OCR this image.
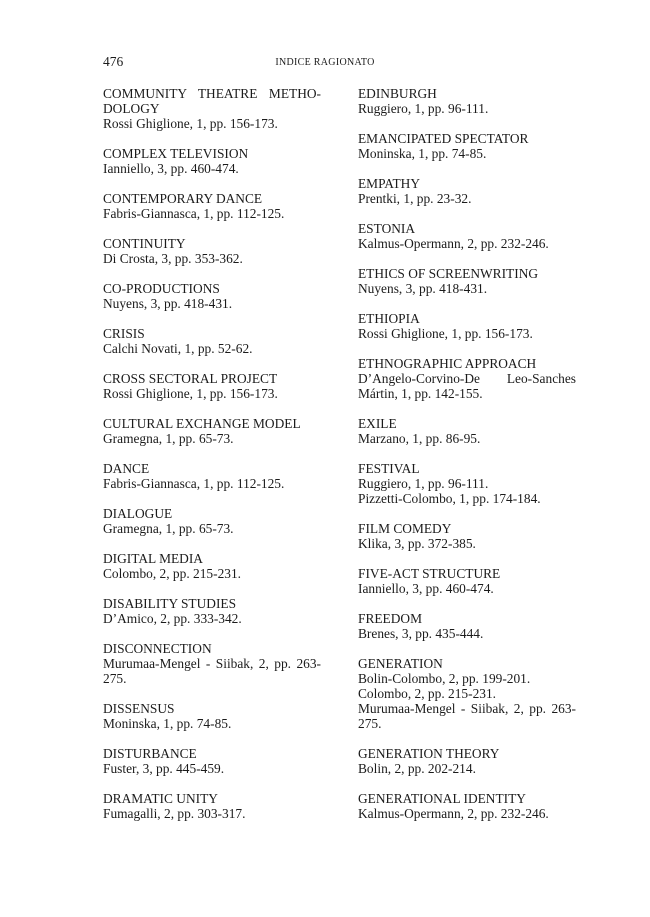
476	INDICE RAGIONATO
COMMUNITY THEATRE METHO-
DOLOGY
Rossi Ghiglione, 1, pp. 156-173.
COMPLEX TELEVISION
Ianniello, 3, pp. 460-474.
CONTEMPORARY DANCE
Fabris-Giannasca, 1, pp. 112-125.
CONTINUITY
Di Crosta, 3, pp. 353-362.
CO-PRODUCTIONS
Nuyens, 3, pp. 418-431.
CRISIS
Calchi Novati, 1, pp. 52-62.
CROSS SECTORAL PROJECT
Rossi Ghiglione, 1, pp. 156-173.
CULTURAL EXCHANGE MODEL
Gramegna, 1, pp. 65-73.
DANCE
Fabris-Giannasca, 1, pp. 112-125.
DIALOGUE
Gramegna, 1, pp. 65-73.
DIGITAL MEDIA
Colombo, 2, pp. 215-231.
DISABILITY STUDIES
D’Amico, 2, pp. 333-342.
DISCONNECTION
Murumaa-Mengel - Siibak, 2, pp. 263-
275.
DISSENSUS
Moninska, 1, pp. 74-85.
DISTURBANCE
Fuster, 3, pp. 445-459.
DRAMATIC UNITY
Fumagalli, 2, pp. 303-317.
EDINBURGH
Ruggiero, 1, pp. 96-111.
EMANCIPATED SPECTATOR
Moninska, 1, pp. 74-85.
EMPATHY
Prentki, 1, pp. 23-32.
ESTONIA
Kalmus-Opermann, 2, pp. 232-246.
ETHICS OF SCREENWRITING
Nuyens, 3, pp. 418-431.
ETHIOPIA
Rossi Ghiglione, 1, pp. 156-173.
ETHNOGRAPHIC APPROACH
D’Angelo-Corvino-De Leo-Sanches
Mártin, 1, pp. 142-155.
EXILE
Marzano, 1, pp. 86-95.
FESTIVAL
Ruggiero, 1, pp. 96-111.
Pizzetti-Colombo, 1, pp. 174-184.
FILM COMEDY
Klika, 3, pp. 372-385.
FIVE-ACT STRUCTURE
Ianniello, 3, pp. 460-474.
FREEDOM
Brenes, 3, pp. 435-444.
GENERATION
Bolin-Colombo, 2, pp. 199-201.
Colombo, 2, pp. 215-231.
Murumaa-Mengel - Siibak, 2, pp. 263-
275.
GENERATION THEORY
Bolin, 2, pp. 202-214.
GENERATIONAL IDENTITY
Kalmus-Opermann, 2, pp. 232-246.
